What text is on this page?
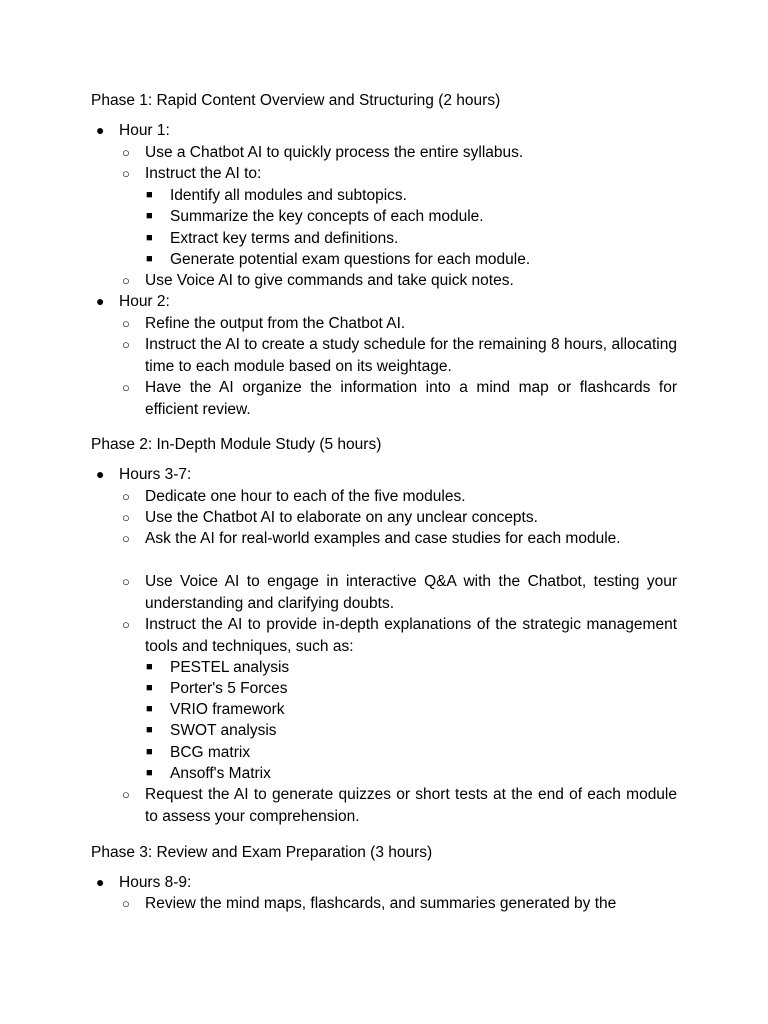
Phase 1: Rapid Content Overview and Structuring (2 hours)
● Hour 1:
○ Use a Chatbot AI to quickly process the entire syllabus.
○ Instruct the AI to:
■ Identify all modules and subtopics.
■ Summarize the key concepts of each module.
■ Extract key terms and definitions.
■ Generate potential exam questions for each module.
○ Use Voice AI to give commands and take quick notes.
● Hour 2:
○ Refine the output from the Chatbot AI.
○ Instruct the AI to create a study schedule for the remaining 8 hours, allocating time to each module based on its weightage.
○ Have the AI organize the information into a mind map or flashcards for efficient review.
Phase 2: In-Depth Module Study (5 hours)
● Hours 3-7:
○ Dedicate one hour to each of the five modules.
○ Use the Chatbot AI to elaborate on any unclear concepts.
○ Ask the AI for real-world examples and case studies for each module.
○ Use Voice AI to engage in interactive Q&A with the Chatbot, testing your understanding and clarifying doubts.
○ Instruct the AI to provide in-depth explanations of the strategic management tools and techniques, such as:
■ PESTEL analysis
■ Porter's 5 Forces
■ VRIO framework
■ SWOT analysis
■ BCG matrix
■ Ansoff's Matrix
○ Request the AI to generate quizzes or short tests at the end of each module to assess your comprehension.
Phase 3: Review and Exam Preparation (3 hours)
● Hours 8-9:
○ Review the mind maps, flashcards, and summaries generated by the
